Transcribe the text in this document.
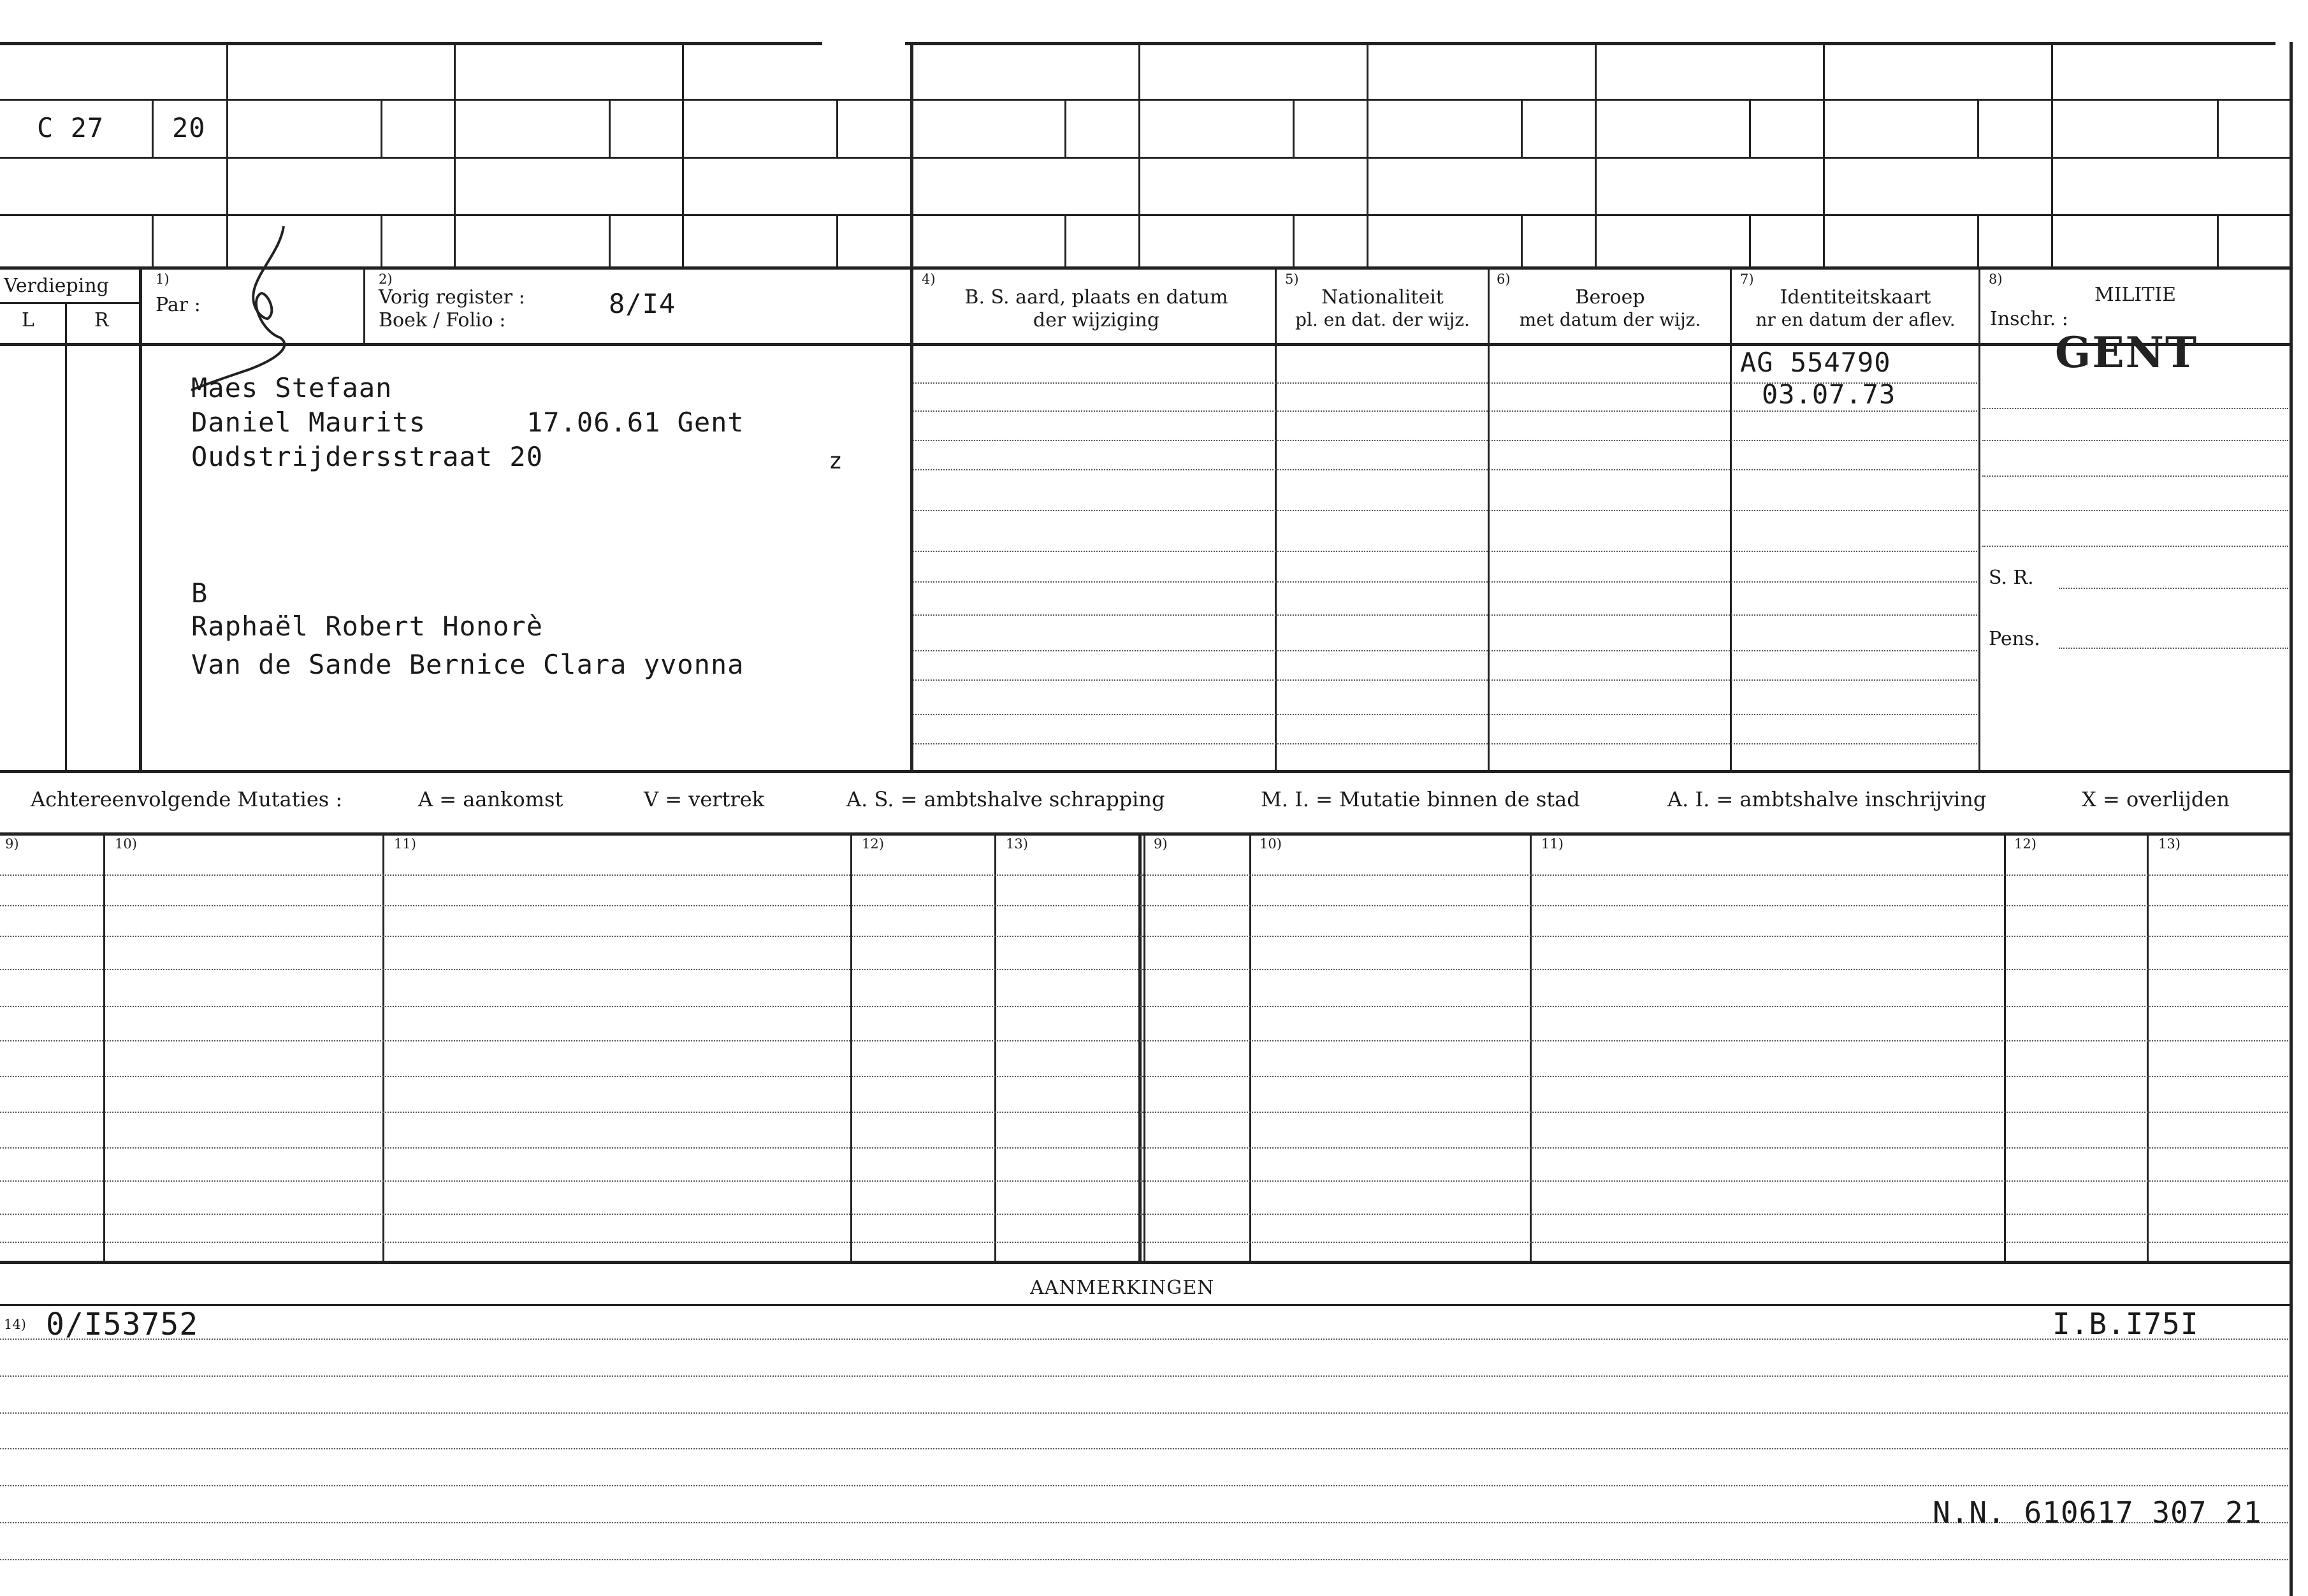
C 27	20
Verdieping
L	R
1)
Par :
2)
Vorig register :
Boek / Folio :
8/I4
4)
B. S. aard, plaats en datum
der wijziging
5)
Nationaliteit
pl. en dat. der wijz.
6)
Beroep
met datum der wijz.
7)
Identiteitskaart
nr en datum der aflev.
8)
MILITIE
Inschr. :
Maes Stefaan
Daniel Maurits	17.06.61 Gent
Oudstrijdersstraat 20	z
B
Raphaël Robert Honorè
Van de Sande Bernice Clara yvonna
AG 554790
03.07.73
GENT
S. R.
Pens.
Achtereenvolgende Mutaties :	A = aankomst	V = vertrek	A. S. = ambtshalve schrapping	M. I. = Mutatie binnen de stad	A. I. = ambtshalve inschrijving	X = overlijden
9)	10)	11)	12)	13)	9)	10)	11)	12)	13)
AANMERKINGEN
14) 0/I53752	I.B.I75I
N.N. 610617 307 21
